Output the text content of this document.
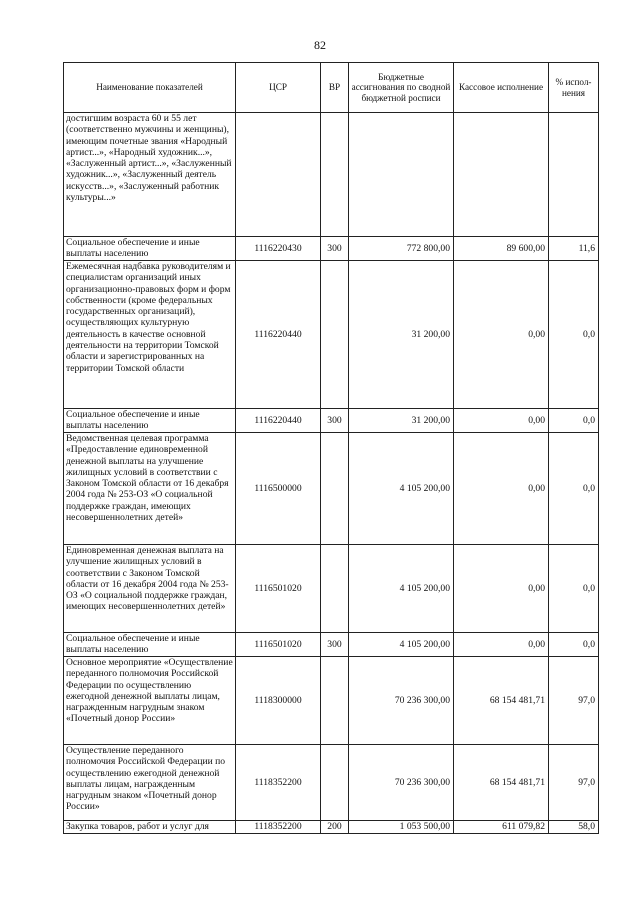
82
Наименование показателей	ЦСР	ВР	Бюджетные ассигнования по сводной бюджетной росписи	Кассовое исполнение	% испол-нения
достигшим возраста 60 и 55 лет (соответственно мужчины и женщины), имеющим почетные звания «Народный артист...», «Народный художник...», «Заслуженный артист...», «Заслуженный художник...», «Заслуженный деятель искусств...», «Заслуженный работник культуры...»					
Социальное обеспечение и иные выплаты населению	1116220430	300	772 800,00	89 600,00	11,6
Ежемесячная надбавка руководителям и специалистам организаций иных организационно-правовых форм и форм собственности (кроме федеральных государственных организаций), осуществляющих культурную деятельность в качестве основной деятельности на территории Томской области и зарегистрированных на территории Томской области	1116220440		31 200,00	0,00	0,0
Социальное обеспечение и иные выплаты населению	1116220440	300	31 200,00	0,00	0,0
Ведомственная целевая программа «Предоставление единовременной денежной выплаты на улучшение жилищных условий в соответствии с Законом Томской области от 16 декабря 2004 года № 253-ОЗ «О социальной поддержке граждан, имеющих несовершеннолетних детей»	1116500000		4 105 200,00	0,00	0,0
Единовременная денежная выплата на улучшение жилищных условий в соответствии с Законом Томской области от 16 декабря 2004 года № 253-ОЗ «О социальной поддержке граждан, имеющих несовершеннолетних детей»	1116501020		4 105 200,00	0,00	0,0
Социальное обеспечение и иные выплаты населению	1116501020	300	4 105 200,00	0,00	0,0
Основное мероприятие «Осуществление переданного полномочия Российской Федерации по осуществлению ежегодной денежной выплаты лицам, награжденным нагрудным знаком «Почетный донор России»	1118300000		70 236 300,00	68 154 481,71	97,0
Осуществление переданного полномочия Российской Федерации по осуществлению ежегодной денежной выплаты лицам, награжденным нагрудным знаком «Почетный донор России»	1118352200		70 236 300,00	68 154 481,71	97,0
Закупка товаров, работ и услуг для	1118352200	200	1 053 500,00	611 079,82	58,0
